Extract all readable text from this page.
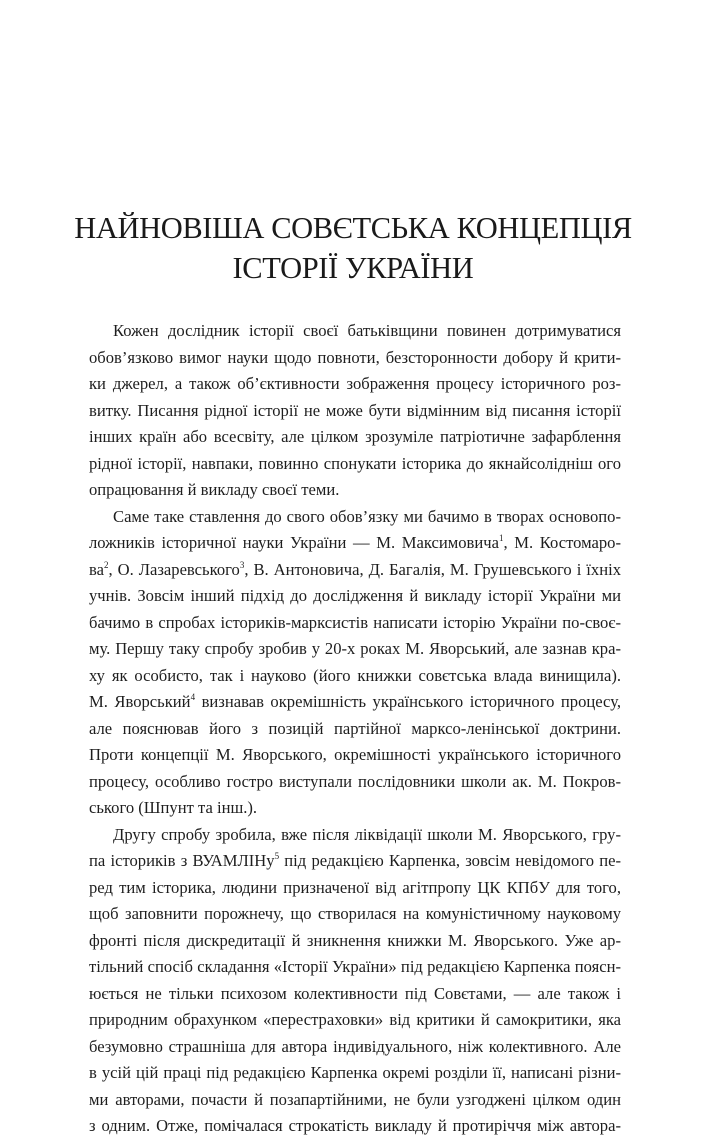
НАЙНОВІША СОВЄТСЬКА КОНЦЕПЦІЯ
ІСТОРІЇ УКРАЇНИ
Кожен дослідник історії своєї батьківщини повинен дотримуватися
обов’язково вимог науки щодо повноти, безсторонности добору й крити-
ки джерел, а також об’єктивности зображення процесу історичного роз-
витку. Писання рідної історії не може бути відмінним від писання історії
інших країн або всесвіту, але цілком зрозуміле патріотичне зафарблення
рідної історії, навпаки, повинно спонукати історика до якнайсолідніш ого
опрацювання й викладу своєї теми.
Саме таке ставлення до свого обов’язку ми бачимо в творах основопо-
ложників історичної науки України — М. Максимовича$^1$, М. Костомаро-
$ва^2$, О. Лазаревського$^3$, В. Антоновича, Д. Багалія, М. Грушевського і їхніх
учнів. Зовсім інший підхід до дослідження й викладу історії України ми
бачимо в спробах істориків-марксистів написати історію України по-своє-
му. Першу таку спробу зробив у 20-х роках М. Яворський, але зазнав кра-
ху як особисто, так і науково (його книжки совєтська влада винищила).
М. Яворський$^4$ визнавав окремішність українського історичного процесу,
але пояснював його з позицій партійної марксо-ленінської доктрини.
Проти концепції М. Яворського, окремішності українського історичного
процесу, особливо гостро виступали послідовники школи ак. М. Покров-
ського (Шпунт та інш.).
Другу спробу зробила, вже після ліквідації школи М. Яворського, гру-
па істориків з ВУАМЛІНу$^5$ під редакцією Карпенка, зовсім невідомого пе-
ред тим історика, людини призначеної від агітпропу ЦК КПбУ для того,
щоб заповнити порожнечу, що створилася на комуністичному науковому
фронті після дискредитації й зникнення книжки М. Яворського. Уже ар-
тільний спосіб складання «Історії України» під редакцією Карпенка поясн-
юється не тільки психозом колективности під Совєтами, — але також і
природним обрахунком «перестраховки» від критики й самокритики, яка
безумовно страшніша для автора індивідуального, ніж колективного. Але
в усій цій праці під редакцією Карпенка окремі розділи її, написані різни-
ми авторами, почасти й позапартійними, не були узгоджені цілком один
з одним. Отже, помічалася строкатість викладу й протиріччя між автора-
